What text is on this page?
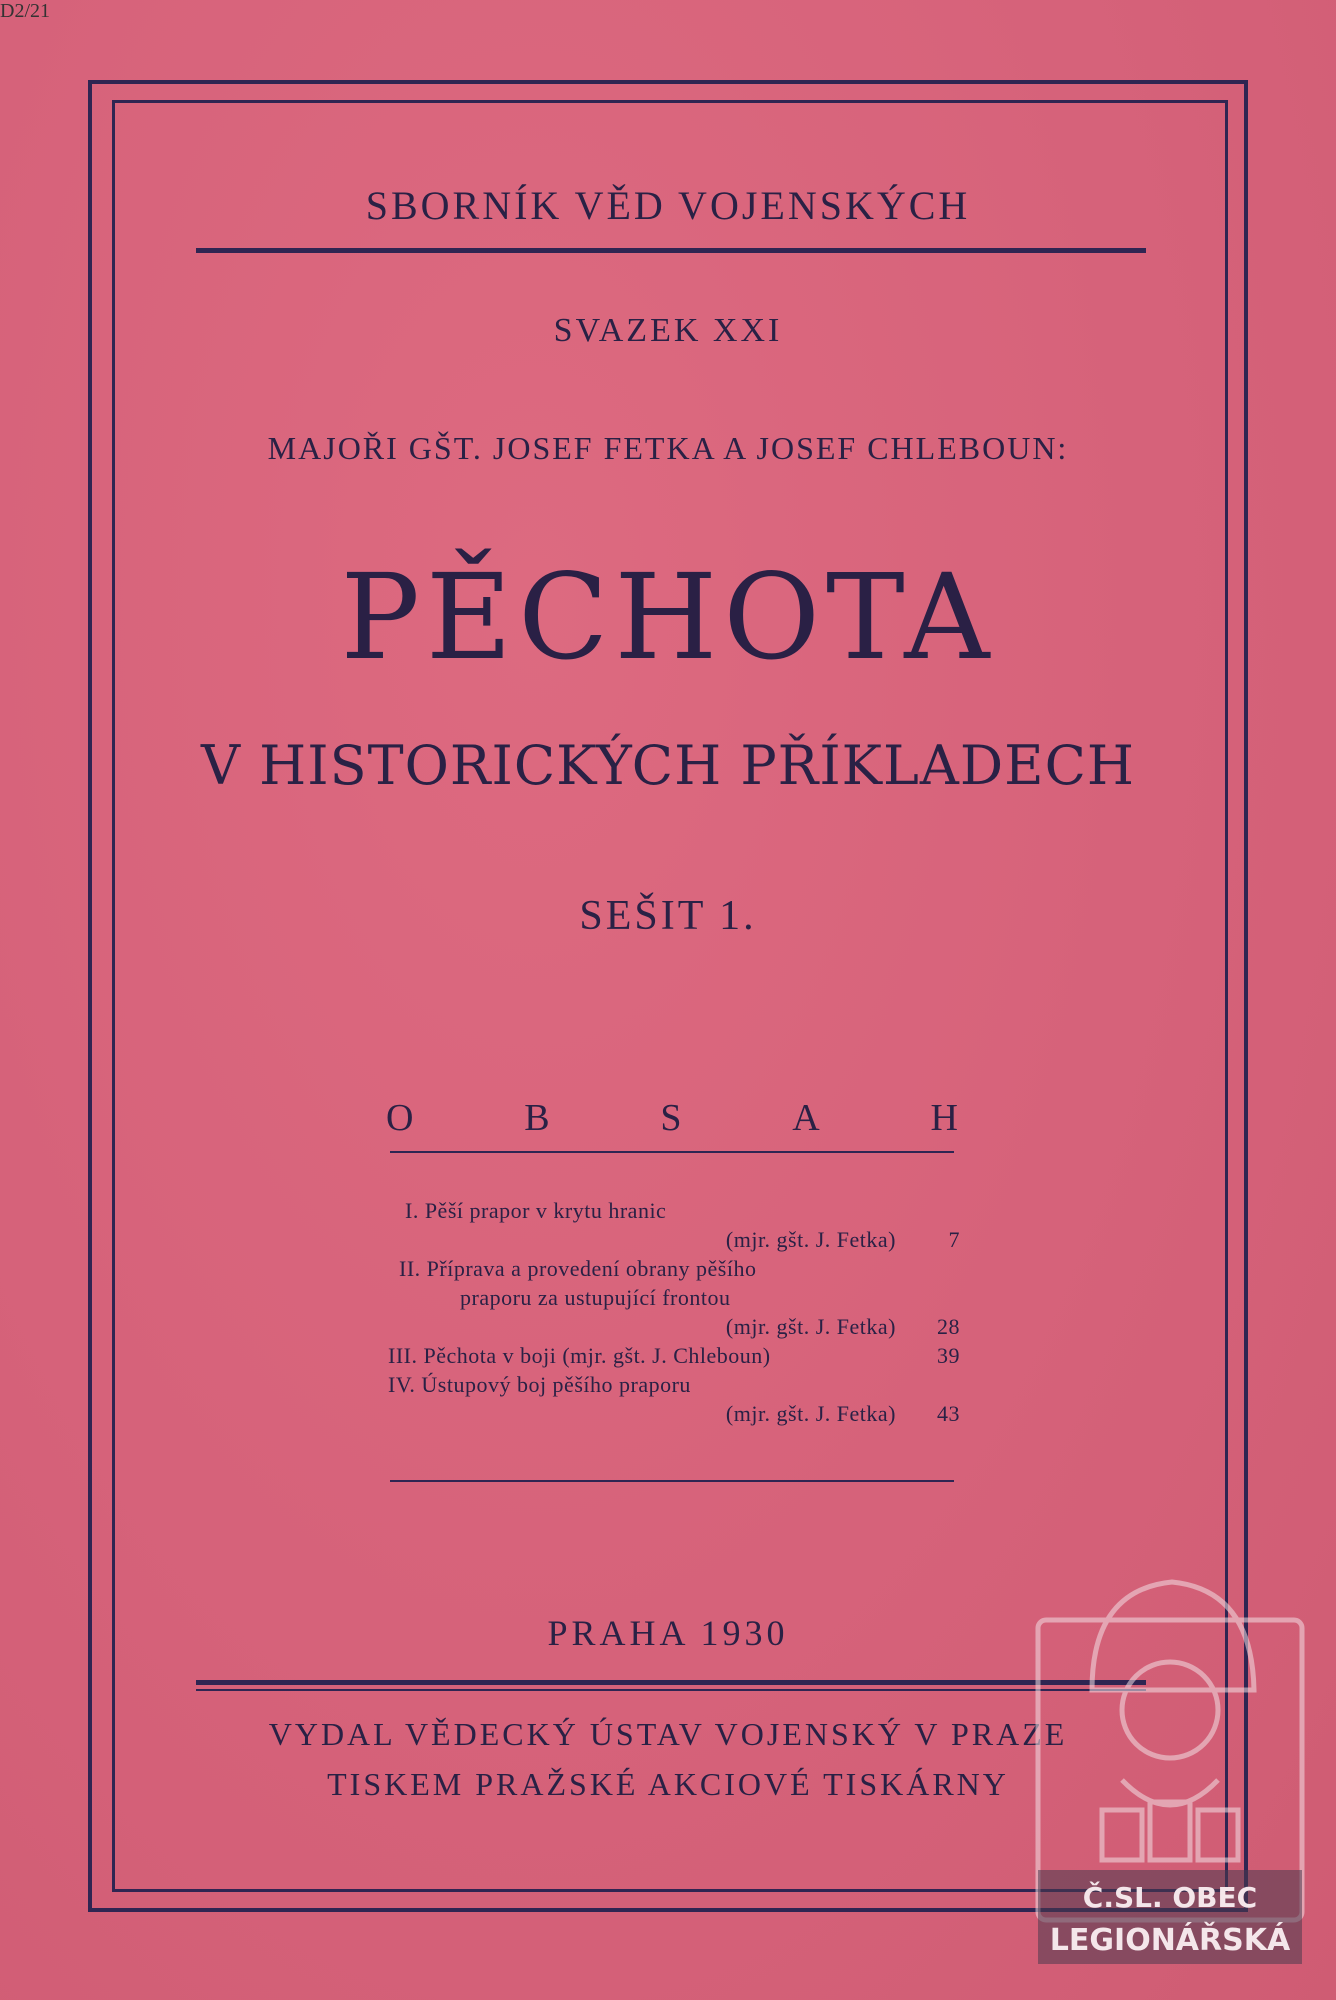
D2/21
SBORNÍK VĚD VOJENSKÝCH
SVAZEK XXI
MAJOŘI GŠT. JOSEF FETKA A JOSEF CHLEBOUN:
PĚCHOTA
V HISTORICKÝCH PŘÍKLADECH
SEŠIT 1.
O	B	S	A	H
I. Pěší prapor v krytu hranic
(mjr. gšt. J. Fetka) 7
II. Příprava a provedení obrany pěšího
praporu za ustupující frontou
(mjr. gšt. J. Fetka) 28
III. Pěchota v boji (mjr. gšt. J. Chleboun)	39
IV. Ústupový boj pěšího praporu
(mjr. gšt. J. Fetka) 43
PRAHA 1930
VYDAL VĚDECKÝ ÚSTAV VOJENSKÝ V PRAZE
TISKEM PRAŽSKÉ AKCIOVÉ TISKÁRNY
Č.SL. OBEC
LEGIONÁŘSKÁ
